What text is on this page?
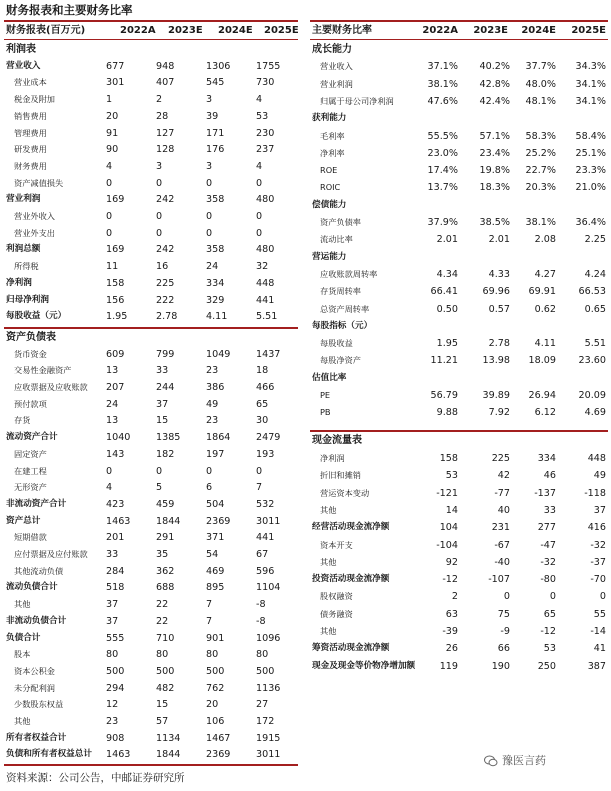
财务报表和主要财务比率
财务报表(百万元)	2022A 2023E 2024E 2025E
利润表
营业收入	677	948	1306	1755
营业成本	301	407	545	730
税金及附加	1	2	3	4
销售费用	20	28	39	53
管理费用	91	127	171	230
研发费用	90	128	176	237
财务费用	4	3	3	4
资产减值损失	0	0	0	0
营业利润	169	242	358	480
营业外收入	0	0	0	0
营业外支出	0	0	0	0
利润总额	169	242	358	480
所得税	11	16	24	32
净利润	158	225	334	448
归母净利润	156	222	329	441
每股收益（元）	1.95	2.78	4.11	5.51
资产负债表
货币资金	609	799	1049	1437
交易性金融资产	13	33	23	18
应收票据及应收账款 207	244	386	466
预付款项	24	37	49	65
存货	13	15	23	30
流动资产合计	1040	1385	1864	2479
固定资产	143	182	197	193
在建工程	0	0	0	0
无形资产	4	5	6	7
非流动资产合计	423	459	504	532
资产总计	1463	1844	2369	3011
短期借款	201	291	371	441
应付票据及应付账款 33	35	54	67
其他流动负债	284	362	469	596
流动负债合计	518	688	895	1104
其他	37	22	7	-8
非流动负债合计	37	22	7	-8
负债合计	555	710	901	1096
股本	80	80	80	80
资本公积金	500	500	500	500
未分配利润	294	482	762	1136
少数股东权益	12	15	20	27
其他	23	57	106	172
所有者权益合计	908	1134	1467	1915
负债和所有者权益总计 1463	1844	2369	3011
主要财务比率	2022A 2023E 2024E 2025E
成长能力
营业收入	37.1% 40.2% 37.7% 34.3%
营业利润	38.1% 42.8% 48.0% 34.1%
归属于母公司净利润	47.6% 42.4% 48.1% 34.1%
获利能力
毛利率	55.5% 57.1% 58.3% 58.4%
净利率	23.0% 23.4% 25.2% 25.1%
ROE	17.4% 19.8% 22.7% 23.3%
ROIC	13.7% 18.3% 20.3% 21.0%
偿债能力
资产负债率	37.9% 38.5% 38.1% 36.4%
流动比率	2.01	2.01	2.08	2.25
营运能力
应收账款周转率	4.34	4.33	4.27	4.24
存货周转率	66.41	69.96 69.91 66.53
总资产周转率	0.50	0.57	0.62	0.65
每股指标（元）
每股收益	1.95	2.78	4.11	5.51
每股净资产	11.21	13.98 18.09 23.60
估值比率
PE	56.79	39.89 26.94 20.09
PB	9.88	7.92	6.12	4.69
现金流量表
净利润	158	225	334	448
折旧和摊销	53	42	46	49
营运资本变动	-121	-77	-137	-118
其他	14	40	33	37
经营活动现金流净额	104	231	277	416
资本开支	-104	-67	-47	-32
其他	92	-40	-32	-37
投资活动现金流净额	-12	-107	-80	-70
股权融资	2	0	0	0
债务融资	63	75	65	55
其他	-39	-9	-12	-14
筹资活动现金流净额	26	66	53	41
现金及现金等价物净增加额	119	190	250	387
豫医言药
资料来源：公司公告，中邮证券研究所
